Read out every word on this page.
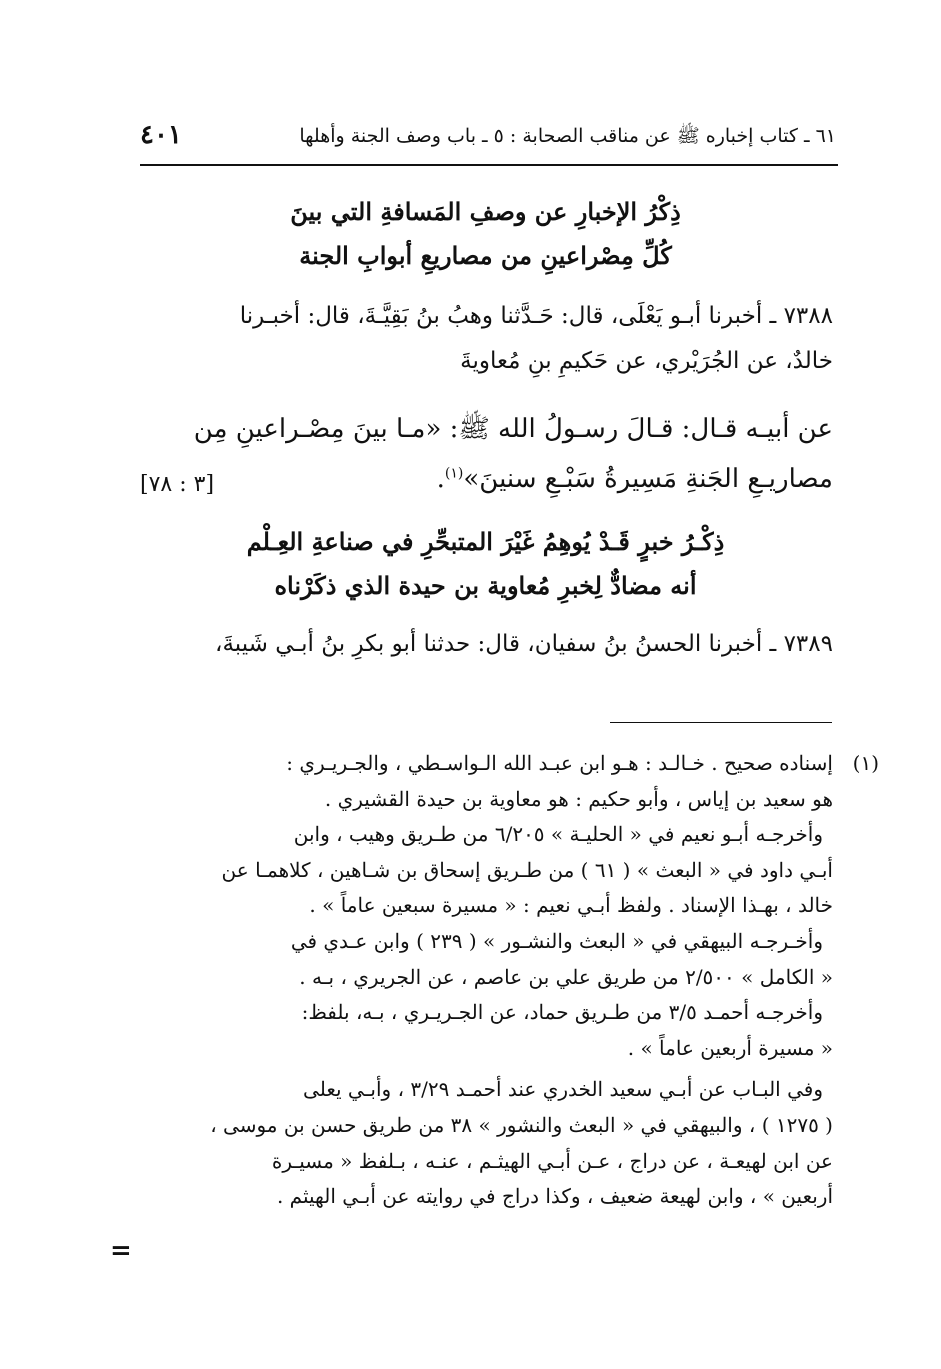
٦١ ـ كتاب إخباره ﷺ عن مناقب الصحابة : ٥ ـ باب وصف الجنة وأهلها
٤٠١
ذِكْرُ الإخبارِ عن وصفِ المَسافةِ التي بينَ
كُلِّ مِصْراعينِ من مصاريعِ أبوابِ الجنة
٧٣٨٨ ـ أخبرنا أبـو يَعْلَى، قال: حَـدَّثنا وهبُ بنُ بَقِيَّـةَ، قال: أخبـرنا
خالدٌ، عن الجُرَيْري، عن حَكيمِ بنِ مُعاويةَ
عن أبيـه قـال: قـالَ رسـولُ الله ﷺ: «مـا بينَ مِصْـراعينِ مِن
مصاريـعِ الجَنةِ مَسِيرةُ سَبْـعِ سنينَ»$^{(١)}$.
[٣ : ٧٨]
ذِكْـرُ خبرٍ قَـدْ يُوهِمُ غَيْرَ المتبحِّرِ في صناعةِ العِـلْم
أنه مضادٌّ لِخبرِ مُعاوية بن حيدة الذي ذكَرْناه
٧٣٨٩ ـ أخبرنا الحسنُ بنُ سفيان، قال: حدثنا أبو بكرِ بنُ أبـي شَيبةَ،
(١)
إسناده صحيح . خـالـد : هـو ابن عبـد الله الـواسـطي ، والجـريـري :
هو سعيد بن إياس ، وأبو حكيم : هو معاوية بن حيدة القشيري .
وأخرجـه أبـو نعيم في « الحليـة » ٦/٢٠٥ من طـريق وهيب ، وابن
أبـي داود في « البعث » ( ٦١ ) من طـريق إسحاق بن شـاهين ، كلاهمـا عن
خالد ، بهـذا الإسناد . ولفظ أبـي نعيم : « مسيرة سبعين عاماً » .
وأخـرجـه البيهقي في « البعث والنشـور » ( ٢٣٩ ) وابن عـدي في
« الكامل » ٢/٥٠٠ من طريق علي بن عاصم ، عن الجريري ، بـه .
وأخرجـه أحمـد ٣/٥ من طـريق حماد، عن الجـريـري ، بـه، بلفظ:
« مسيرة أربعين عاماً » .
وفي البـاب عن أبـي سعيد الخدري عند أحمـد ٣/٢٩ ، وأبـي يعلى
( ١٢٧٥ ) ، والبيهقي في « البعث والنشور » ٣٨ من طريق حسن بن موسى ،
عن ابن لهيعـة ، عن دراج ، عـن أبـي الهيثـم ، عنـه ، بـلفظ « مسيـرة
أربعين » ، وابن لهيعة ضعيف ، وكذا دراج في روايته عن أبـي الهيثم .
=
